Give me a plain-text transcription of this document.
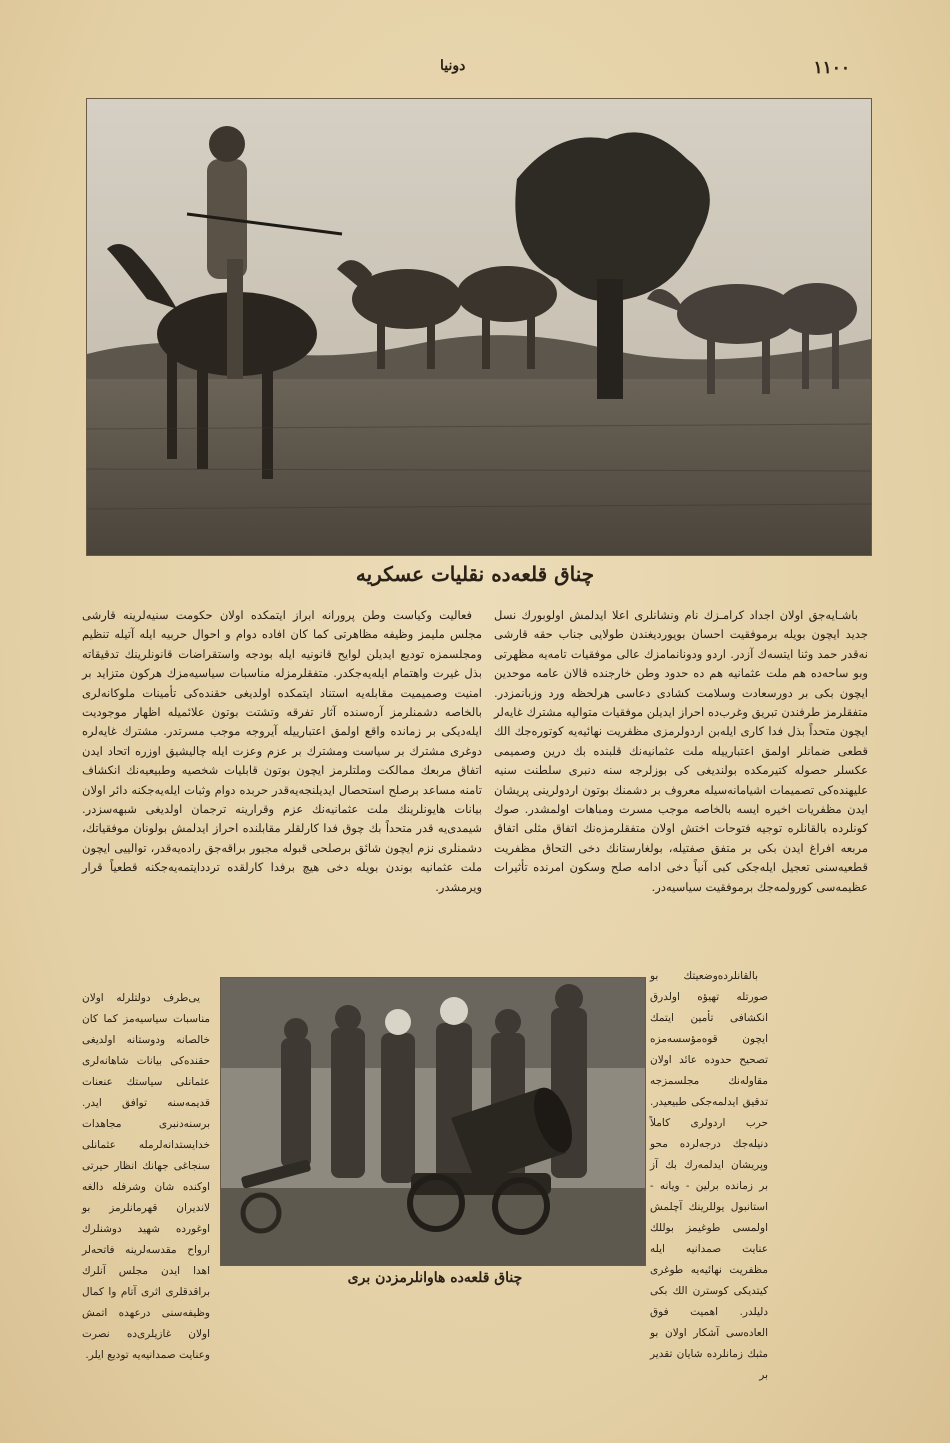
١١٠٠
دونيا
چناق قلعه‌ده نقليات عسكريه

باشـايه‌جق اولان اجداد كرامـزك نام ونشانلرى اعلا ايدلمش اولوبورك نسل جديد ايچون بويله برموفقيت احسان بويورديغندن طولايى جناب حقه قارشى نه‌قدر حمد وثنا ايتسه‌ك آزدر. اردو ودونانمامزك عالى موفقيات تامه‌يه مظهرتى وبو ساحه‌ده هم ملت عثمانيه هم ده حدود وطن خارجنده قالان عامه موحدين ايچون بكى بر دورسعادت وسلامت كشادى دعاسى هرلحظه ورد وزبانمزدر. متفقلرمز طرفندن تبريق وغرب‌ده احراز ايديلن موفقيات متواليه مشترك غايه‌لر ايچون متحداً بذل فدا كارى ايله‌بن اردولرمزى مظفريت نهائيه‌يه كوتوره‌جك الك قطعى ضمانلر اولمق اعتبارييله ملت عثمانيه‌نك قلبنده بك درين وصميمى عكسلر حصوله كتيرمكده بولنديغى كى بوزلرجه سنه دنبرى سلطنت سنيه عليهنده‌كى تصميمات اشيامانه‌سيله معروف بر دشمنك بوتون اردولرينى پريشان ايدن مظفريات اخيره ايسه بالخاصه موجب مسرت ومباهات اولمشدر. صوك كونلرده بالقانلره توجيه فتوحات اختش اولان متفقلرمزه‌نك اتفاق مثلى اتفاق مربعه افراغ ايدن بكى بر متفق صفتيله، بولغارستانك دخى التحاق مظفريت قطعيه‌سنى تعجيل ايله‌جكى كبى آنياً دخى ادامه صلح وسكون امرنده تأثيرات عظيمه‌سى كورولمه‌جك برموفقيت سياسيه‌در.

فعاليت وكياست وطن پرورانه ابراز ايتمكده اولان حكومت سنيه‌لرينه قارشى مجلس مليمز وظيفه مظاهرتى كما كان افاده دوام و احوال حربيه ايله آتيله تنظيم ومجلسمزه تودیع ايديلن لوايح قانونيه ايله بودجه واستقراضات قانونلرينك تدقيقاته بذل غيرت واهتمام ايله‌يه‌جكدر. متفقلرمزله مناسبات سياسيه‌مزك هركون متزايد بر امنيت وصميميت مقابله‌يه استناد ايتمكده اولديغى حقنده‌كى تأمينات ملوكانه‌لرى بالخاصه دشمنلرمز آره‌سنده آثار تفرقه وتشتت بوتون علائميله اظهار موجوديت ايله‌ديكى بر زمانده واقع اولمق اعتبارييله آيروجه موجب مسرتدر. مشترك غايه‌لره دوغرى مشترك بر سياست ومشترك بر عزم وعزت ايله چاليشيق اوزره اتحاد ايدن اتفاق مربعك ممالكت وملتلرمز ايچون بوتون قابليات شخصيه وطبيعيه‌نك انكشاف تامنه مساعد برصلح استحصال ايديلنجه‌يه‌قدر حربده دوام وثبات ايله‌يه‌جكنه دائر اولان بيانات هايونلرينك ملت عثمانيه‌نك عزم وقرارينه ترجمان اولديغى شبهه‌سزدر. شيمدى‌يه قدر متحداً بك چوق فدا كارلقلر مقابلنده احراز ايدلمش بولونان موفقياتك، دشمنلرى نزم ايچون شائق برصلحى قبوله مجبور براقه‌جق راده‌يه‌قدر، توالييى ايچون ملت عثمانيه بوندن بويله دخى هيچ برفدا كارلقده ترددايتمه‌يه‌جكنه قطعياً قرار ويرمشدر.

چناق قلعه‌ده هاوانلرمزدن برى

بالقانلرده‌وضعيتك بو صورتله تهيؤه اولدرق انكشافى تأمين ايتمك ايچون قوه‌مؤسسه‌مزه تصحيح حدوده عائد اولان مقاوله‌نك مجلسمزجه تدقيق ايدلمه‌جكى طبيعيدر. حرب اردولرى كاملاً دنيله‌جك درجه‌لرده محو وپريشان ايدلمه‌رك بك آز بر زمانده برلين - ويانه - استانبول يوللرينك آچلمش اولمسى طوغيمز بوللك عنايت صمدانيه ايله مظفريت نهائيه‌يه طوغرى كيتديكى كوسترن الك بكى دليلدر. اهميت فوق العاده‌سى آشكار اولان بو مثبك زمانلرده شايان تقدير بر

يى‌طرف دولتلرله اولان مناسبات سياسيه‌مز كما كان خالصانه ودوستانه اولديغى حقنده‌كى بيانات شاهانه‌لرى عثمانلى سياستك عنعنات قديمه‌سنه توافق ايدر. برسنه‌دنبرى مجاهدات خدايستدانه‌لرمله عثمانلى سنجاغى جهانك انظار حيرتى اوكنده شان وشرفله دالغه لانديران قهرمانلرمز بو اوغورده شهيد دوشنلرك ارواح مقدسه‌لرينه فاتحه‌لر اهدا ايدن مجلس آنلرك براقدقلرى اثرى آتام وا كمال وظيفه‌سنى درعهده اتمش اولان غازيلرى‌ده نصرت وعنايت صمدانيه‌يه توديع ايلر.
